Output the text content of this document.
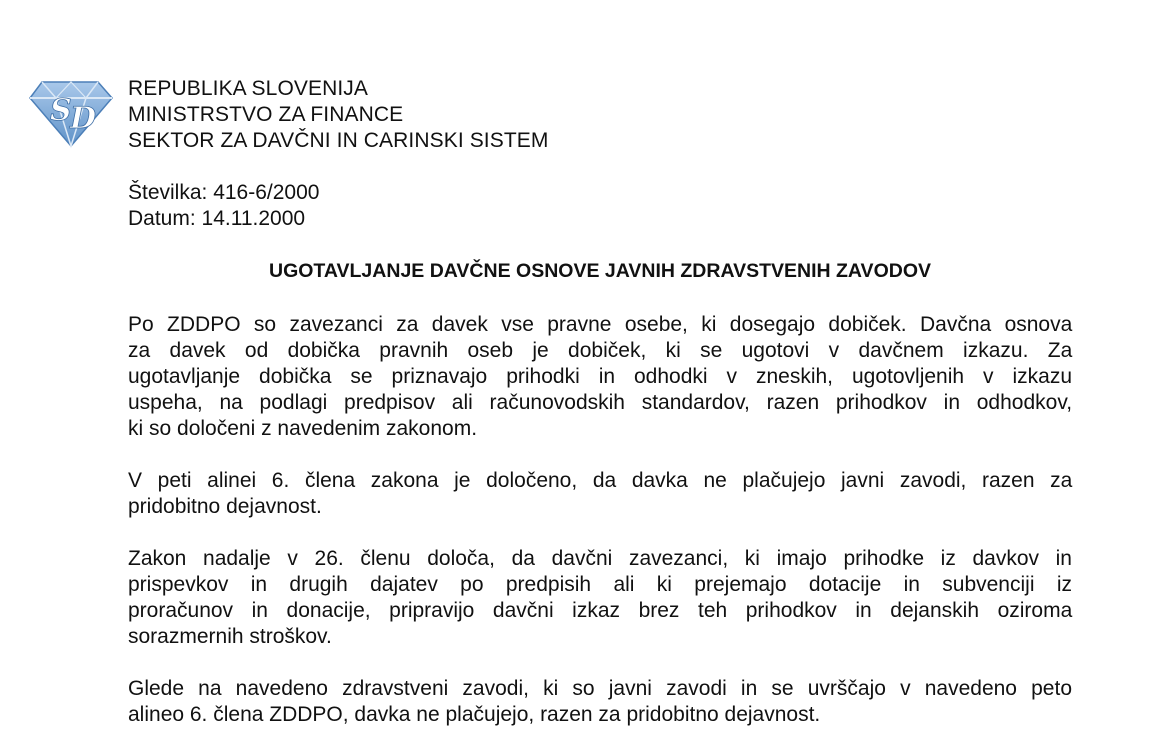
S
D
REPUBLIKA SLOVENIJA
MINISTRSTVO ZA FINANCE
SEKTOR ZA DAVČNI IN CARINSKI SISTEM
Številka: 416-6/2000
Datum: 14.11.2000
UGOTAVLJANJE DAVČNE OSNOVE JAVNIH ZDRAVSTVENIH ZAVODOV
Po ZDDPO so zavezanci za davek vse pravne osebe, ki dosegajo dobiček. Davčna osnova
za davek od dobička pravnih oseb je dobiček, ki se ugotovi v davčnem izkazu. Za
ugotavljanje dobička se priznavajo prihodki in odhodki v zneskih, ugotovljenih v izkazu
uspeha, na podlagi predpisov ali računovodskih standardov, razen prihodkov in odhodkov,
ki so določeni z navedenim zakonom.
V peti alinei 6. člena zakona je določeno, da davka ne plačujejo javni zavodi, razen za
pridobitno dejavnost.
Zakon nadalje v 26. členu določa, da davčni zavezanci, ki imajo prihodke iz davkov in
prispevkov in drugih dajatev po predpisih ali ki prejemajo dotacije in subvenciji iz
proračunov in donacije, pripravijo davčni izkaz brez teh prihodkov in dejanskih oziroma
sorazmernih stroškov.
Glede na navedeno zdravstveni zavodi, ki so javni zavodi in se uvrščajo v navedeno peto
alineo 6. člena ZDDPO, davka ne plačujejo, razen za pridobitno dejavnost.
